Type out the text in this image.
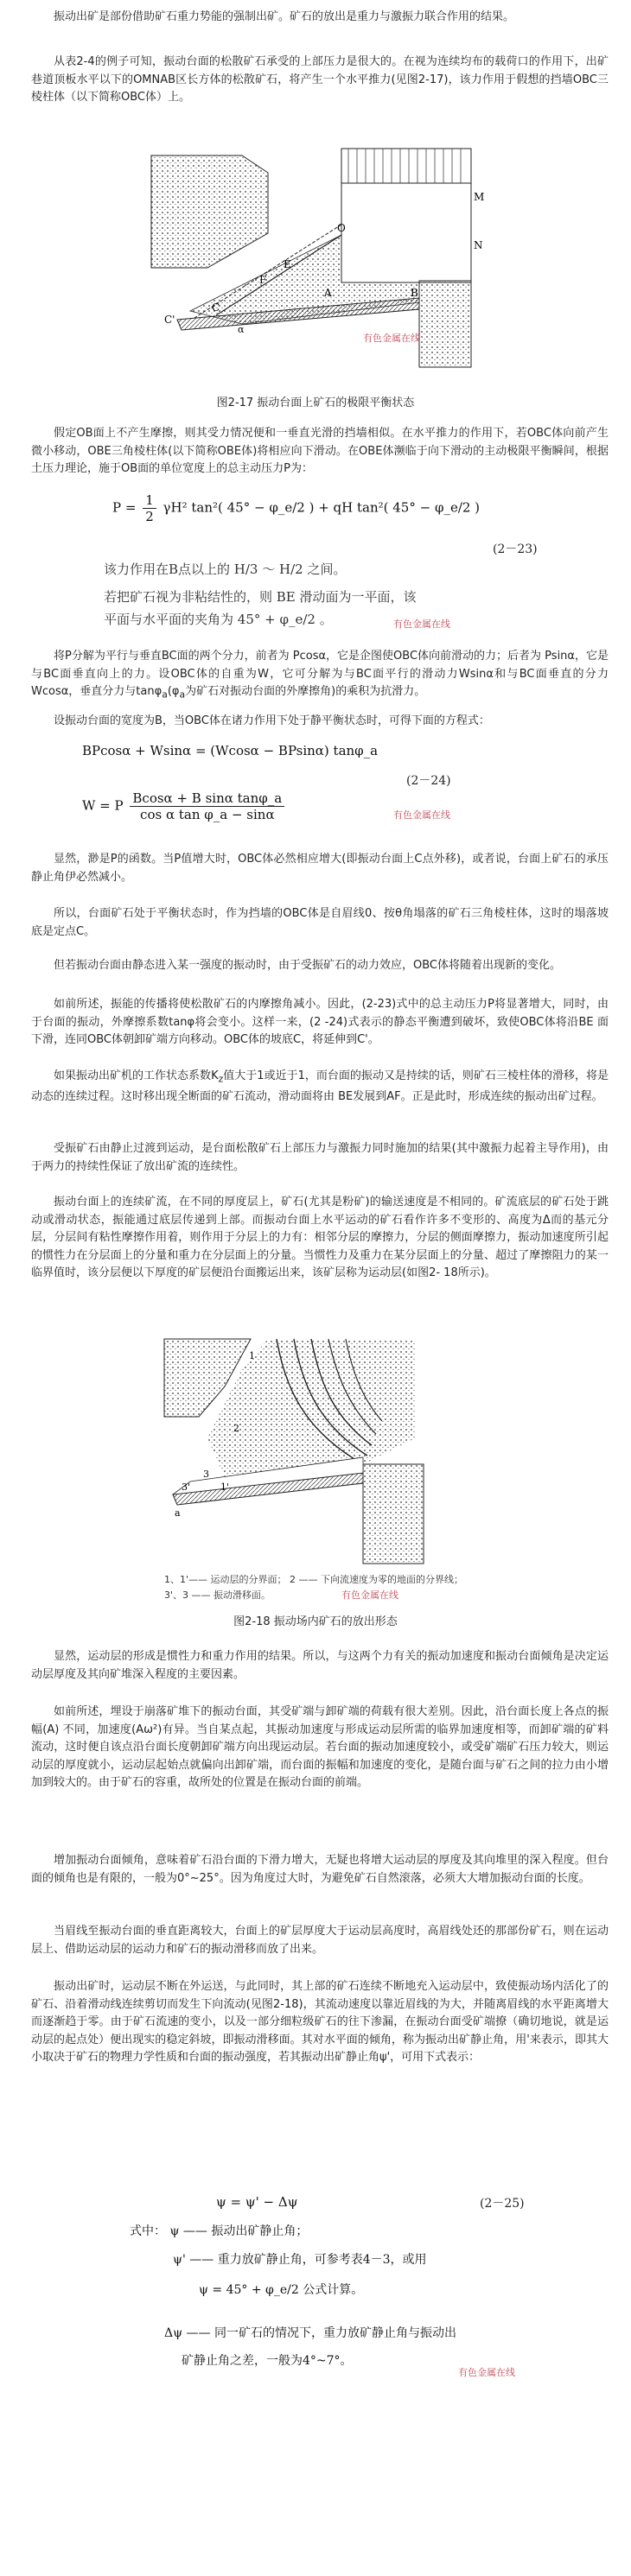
振动出矿是部份借助矿石重力势能的强制出矿。矿石的放出是重力与激振力联合作用的结果。

从表2-4的例子可知，振动台面的松散矿石承受的上部压力是很大的。在视为连续均布的载荷口的作用下，出矿巷道顶板水平以下的OMNAB区长方体的松散矿石，将产生一个水平推力(见图2-17)，该力作用于假想的挡墙OBC三棱柱体（以下简称OBC体）上。

O
M
N
E
F
A	B
C
C'
α
有色金属在线
图2-17 振动台面上矿石的极限平衡状态

假定OB面上不产生摩擦，则其受力情况便和一垂直光滑的挡墙相似。在水平推力的作用下，若OBC体向前产生微小移动，OBE三角棱柱体(以下简称OBE体)将相应向下滑动。在OBE体濒临于向下滑动的主动极限平衡瞬间，根据土压力理论，施于OB面的单位宽度上的总主动压力P为：

$P = \frac{1}{2} \gamma H^2$ tan²( 45° − φ_e/2 ) + qH tan²( 45° − φ_e/2 )
(2－23)
该力作用在B点以上的 H/3 ～ H/2 之间。
若把矿石视为非粘结性的，则 BE 滑动面为一平面，该
平面与水平面的夹角为 45° + φ_e/2 。	有色金属在线

将P分解为平行与垂直BC面的两个分力，前者为 Pcosα，它是企图使OBC体向前滑动的力；后者为 Psinα，它是与BC面垂直向上的力。设OBC体的自重为W，它可分解为与BC面平行的滑动力Wsinα和与BC面垂直的分力Wcosα，垂直分力与$\tan\varphi_a(\varphi_a$为矿石对振动台面的外摩擦角)的乘积为抗滑力。

设振动台面的宽度为B，当OBC体在诸力作用下处于静平衡状态时，可得下面的方程式：

BPcosα + Wsinα = (Wcosα − BPsinα) tanφ_a
(2－24)
W = P $\frac{\text{Bcosα + B sinα tanφ\_a}}{\text{cos α tan φ\_a − sinα}}$	有色金属在线

显然，渺是P的函数。当P值增大时，OBC体必然相应增大(即振动台面上C点外移)，或者说，台面上矿石的承压静止角伊必然减小。

所以，台面矿石处于平衡状态时，作为挡墙的OBC体是自眉线0、按θ角塌落的矿石三角棱柱体，这时的塌落坡底是定点C。

但若振动台面由静态进入某一强度的振动时，由于受振矿石的动力效应，OBC体将随着出现新的变化。

如前所述，振能的传播将使松散矿石的内摩擦角减小。因此，(2-23)式中的总主动压力P将显著增大，同时，由于台面的振动，外摩擦系数tanφ将会变小。这样一来，(2 -24)式表示的静态平衡遭到破坏，致使OBC体将沿BE 面下滑，连同OBC体朝卸矿端方向移动。OBC体的坡底C，将延伸到C'。

如果振动出矿机的工作状态系数$K_z$值大于1或近于1，而台面的振动又是持续的话，则矿石三棱柱体的滑移，将是动态的连续过程。这时移出现全断面的矿石流动，滑动面将由 BE发展到AF。正是此时，形成连续的振动出矿过程。

受振矿石由静止过渡到运动，是台面松散矿石上部压力与激振力同时施加的结果(其中激振力起着主导作用)，由于两力的持续性保证了放出矿流的连续性。

振动台面上的连续矿流，在不同的厚度层上，矿石(尤其是粉矿)的输送速度是不相同的。矿流底层的矿石处于跳动或滑动状态，振能通过底层传递到上部。而振动台面上水平运动的矿石看作许多不变形的、高度为Δ而的基元分层，分层间有粘性摩擦作用着，则作用于分层上的力有：相邻分层的摩擦力，分层的侧面摩擦力，振动加速度所引起的惯性力在分层面上的分量和重力在分层面上的分量。当惯性力及重力在某分层面上的分量、超过了摩擦阻力的某一临界值时，该分层便以下厚度的矿层便沿台面搬运出来，该矿层称为运动层(如图2- 18所示)。

1
2
3
1'
3'
a
1、1'—— 运动层的分界面； 2 —— 下向流速度为零的地面的分界线；
3'、3 —— 振动滑移面。	有色金属在线
图2-18 振动场内矿石的放出形态

显然，运动层的形成是惯性力和重力作用的结果。所以，与这两个力有关的振动加速度和振动台面倾角是决定运动层厚度及其向矿堆深入程度的主要因素。

如前所述，埋设于崩落矿堆下的振动台面，其受矿端与卸矿端的荷载有很大差别。因此，沿台面长度上各点的振幅(A) 不同，加速度(Aω²)有异。当自某点起，其振动加速度与形成运动层所需的临界加速度相等，而卸矿端的矿料流动，这时便自该点沿台面长度朝卸矿端方向出现运动层。若台面的振动加速度较小，或受矿端矿石压力较大，则运动层的厚度就小，运动层起始点就偏向出卸矿端，而台面的振幅和加速度的变化，是随台面与矿石之间的拉力由小增加到较大的。由于矿石的容重，故所处的位置是在振动台面的前端。

增加振动台面倾角，意味着矿石沿台面的下滑力增大，无疑也将增大运动层的厚度及其向堆里的深入程度。但台面的倾角也是有限的，一般为0°~25°。因为角度过大时，为避免矿石自然滚落，必须大大增加振动台面的长度。

当眉线至振动台面的垂直距离较大，台面上的矿层厚度大于运动层高度时，高眉线处还的那部份矿石，则在运动层上、借助运动层的运动力和矿石的振动滑移而放了出来。

振动出矿时，运动层不断在外运送，与此同时，其上部的矿石连续不断地充入运动层中，致使振动场内活化了的矿石、沿着滑动线连续剪切而发生下向流动(见图2-18)，其流动速度以靠近眉线的为大，并随离眉线的水平距离增大而逐渐趋于零。由于矿石流速的变小，以及一部分细粒级矿石的往下渗漏，在振动台面受矿端撩（确切地说，就是运动层的起点处）便出现实的稳定斜坡，即振动滑移面。其对水平面的倾角，称为振动出矿静止角，用'来表示，即其大小取决于矿石的物理力学性质和台面的振动强度，若其振动出矿静止角ψ'，可用下式表示：

ψ = ψ' − Δψ	(2－25)
式中： ψ —— 振动出矿静止角；
ψ' —— 重力放矿静止角，可参考表4－3，或用
ψ = 45° + φ_e/2 公式计算。
Δψ —— 同一矿石的情况下，重力放矿静止角与振动出
矿静止角之差，一般为4°~7°。
有色金属在线
